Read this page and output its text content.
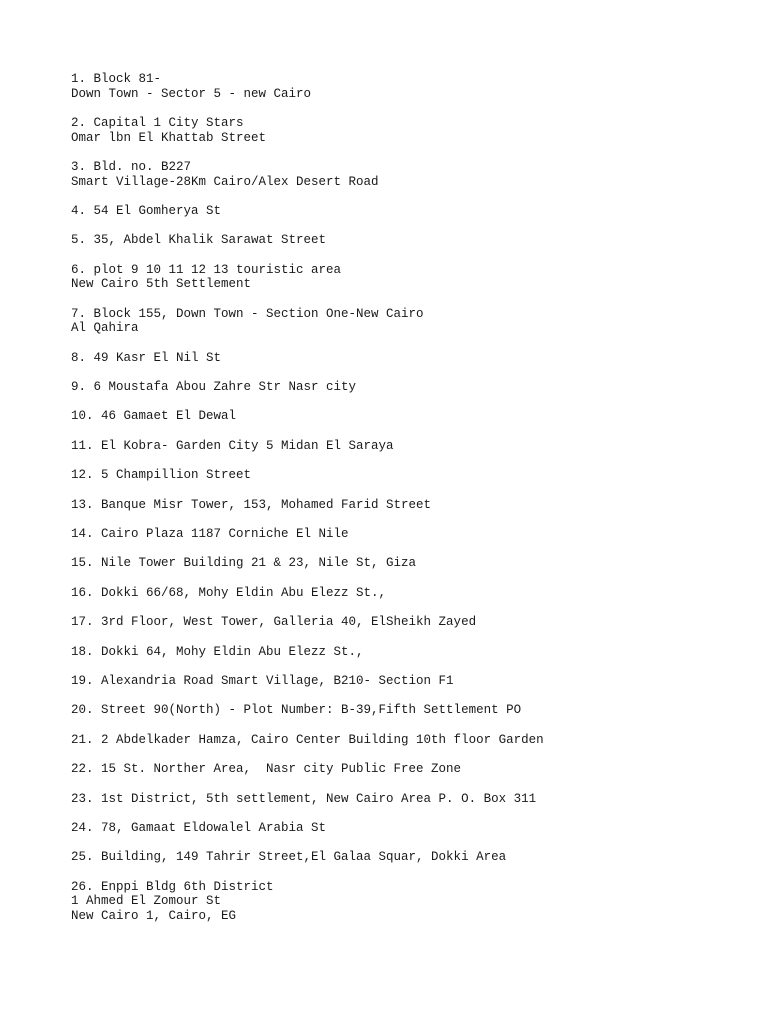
1. Block 81-
Down Town - Sector 5 - new Cairo
2. Capital 1 City Stars
Omar lbn El Khattab Street
3. Bld. no. B227
Smart Village-28Km Cairo/Alex Desert Road
4. 54 El Gomherya St
5. 35, Abdel Khalik Sarawat Street
6. plot 9 10 11 12 13 touristic area
New Cairo 5th Settlement
7. Block 155, Down Town - Section One-New Cairo
Al Qahira
8. 49 Kasr El Nil St
9. 6 Moustafa Abou Zahre Str Nasr city
10. 46 Gamaet El Dewal
11. El Kobra- Garden City 5 Midan El Saraya
12. 5 Champillion Street
13. Banque Misr Tower, 153, Mohamed Farid Street
14. Cairo Plaza 1187 Corniche El Nile
15. Nile Tower Building 21 & 23, Nile St, Giza
16. Dokki 66/68, Mohy Eldin Abu Elezz St.,
17. 3rd Floor, West Tower, Galleria 40, ElSheikh Zayed
18. Dokki 64, Mohy Eldin Abu Elezz St.,
19. Alexandria Road Smart Village, B210- Section F1
20. Street 90(North) - Plot Number: B-39,Fifth Settlement PO
21. 2 Abdelkader Hamza, Cairo Center Building 10th floor Garden
22. 15 St. Norther Area,  Nasr city Public Free Zone
23. 1st District, 5th settlement, New Cairo Area P. O. Box 311
24. 78, Gamaat Eldowalel Arabia St
25. Building, 149 Tahrir Street,El Galaa Squar, Dokki Area
26. Enppi Bldg 6th District
1 Ahmed El Zomour St
New Cairo 1, Cairo, EG
